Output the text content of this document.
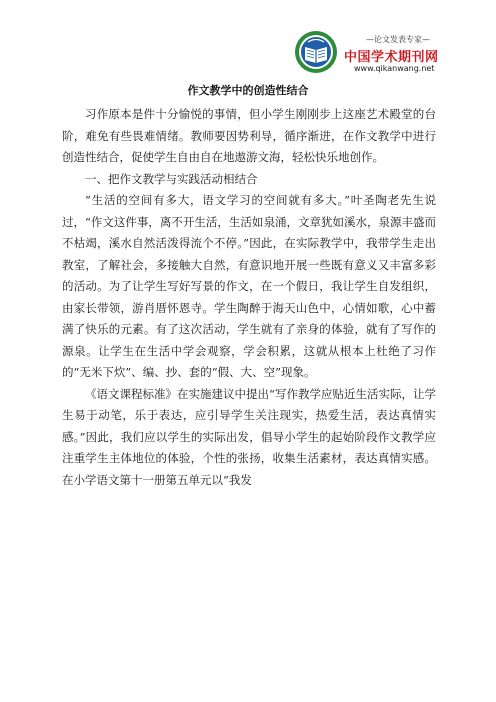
—论文发表专家—
中国学术期刊网
www.qikanwang.net
作文教学中的创造性结合

习作原本是件十分愉悦的事情，但小学生刚刚步上这座艺术殿堂的台阶，难免有些畏难情绪。教师要因势利导，循序渐进，在作文教学中进行创造性结合，促使学生自由自在地遨游文海，轻松快乐地创作。

一、把作文教学与实践活动相结合

“生活的空间有多大，语文学习的空间就有多大。”叶圣陶老先生说过，“作文这件事，离不开生活，生活如泉涌，文章犹如溪水，泉源丰盛而不枯竭，溪水自然活泼得流个不停。”因此，在实际教学中，我带学生走出教室，了解社会，多接触大自然，有意识地开展一些既有意义又丰富多彩的活动。为了让学生写好写景的作文，在一个假日，我让学生自发组织，由家长带领，游肖厝怀恩寺。学生陶醉于海天山色中，心情如歌，心中蓄满了快乐的元素。有了这次活动，学生就有了亲身的体验，就有了写作的源泉。让学生在生活中学会观察，学会积累，这就从根本上杜绝了习作的“无米下炊”、编、抄、套的“假、大、空”现象。

《语文课程标准》在实施建议中提出“写作教学应贴近生活实际，让学生易于动笔，乐于表达，应引导学生关注现实，热爱生活，表达真情实感。”因此，我们应以学生的实际出发，倡导小学生的起始阶段作文教学应注重学生主体地位的体验，个性的张扬，收集生活素材，表达真情实感。在小学语文第十一册第五单元以“我发
